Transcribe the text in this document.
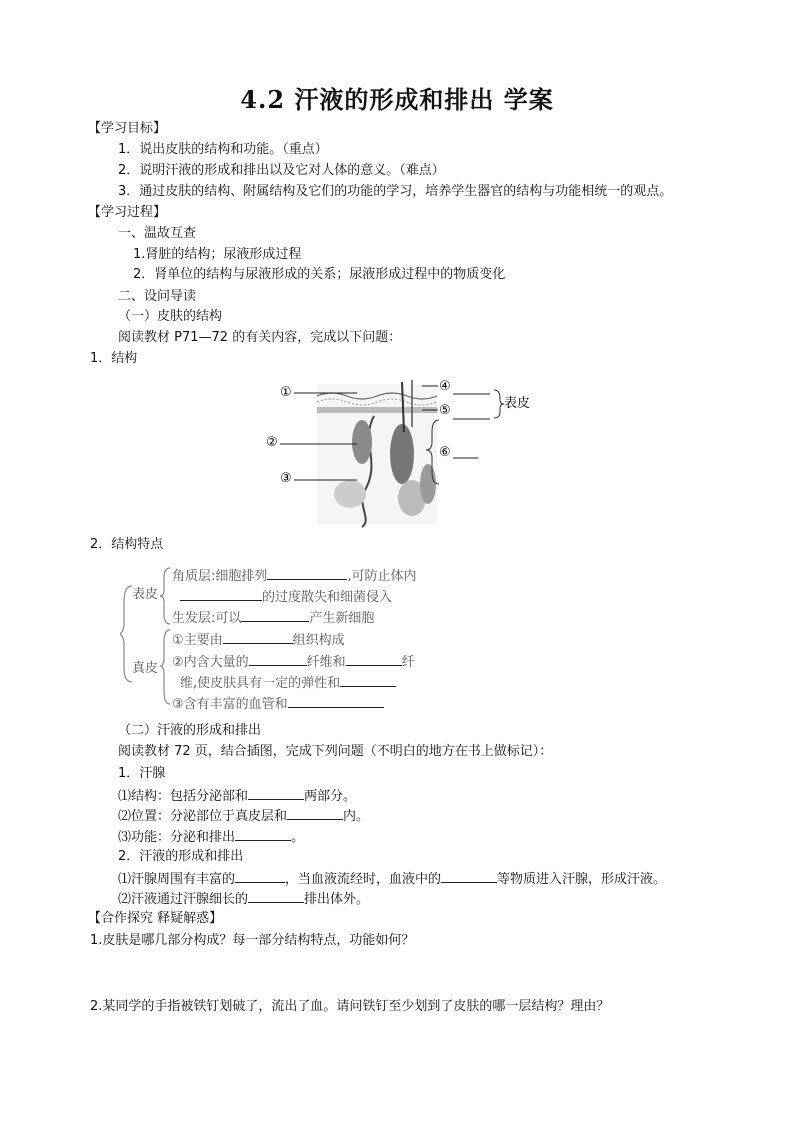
4.2 汗液的形成和排出 学案
【学习目标】
1．说出皮肤的结构和功能。（重点）
2．说明汗液的形成和排出以及它对人体的意义。（难点）
3．通过皮肤的结构、附属结构及它们的功能的学习，培养学生器官的结构与功能相统一的观点。
【学习过程】
一、温故互查
1.肾脏的结构；尿液形成过程
2．肾单位的结构与尿液形成的关系；尿液形成过程中的物质变化
二、设问导读
（一）皮肤的结构
阅读教材 P71—72 的有关内容，完成以下问题：
1．结构
①
②
③
④
⑤	表皮
⑥
2．结构特点
表皮
真皮
角质层:细胞排列	,可防止体内
的过度散失和细菌侵入
生发层:可以	产生新细胞
①主要由	组织构成
②内含大量的	纤维和	纤
维,使皮肤具有一定的弹性和
③含有丰富的血管和
（二）汗液的形成和排出
阅读教材 72 页，结合插图，完成下列问题（不明白的地方在书上做标记）：
1．汗腺
⑴结构：包括分泌部和	两部分。
⑵位置：分泌部位于真皮层和	内。
⑶功能：分泌和排出	。
2．汗液的形成和排出
⑴汗腺周围有丰富的	，当血液流经时，血液中的	等物质进入汗腺，形成汗液。
⑵汗液通过汗腺细长的	排出体外。
【合作探究 释疑解惑】
1.皮肤是哪几部分构成？每一部分结构特点，功能如何？
2.某同学的手指被铁钉划破了，流出了血。请问铁钉至少划到了皮肤的哪一层结构？理由？
